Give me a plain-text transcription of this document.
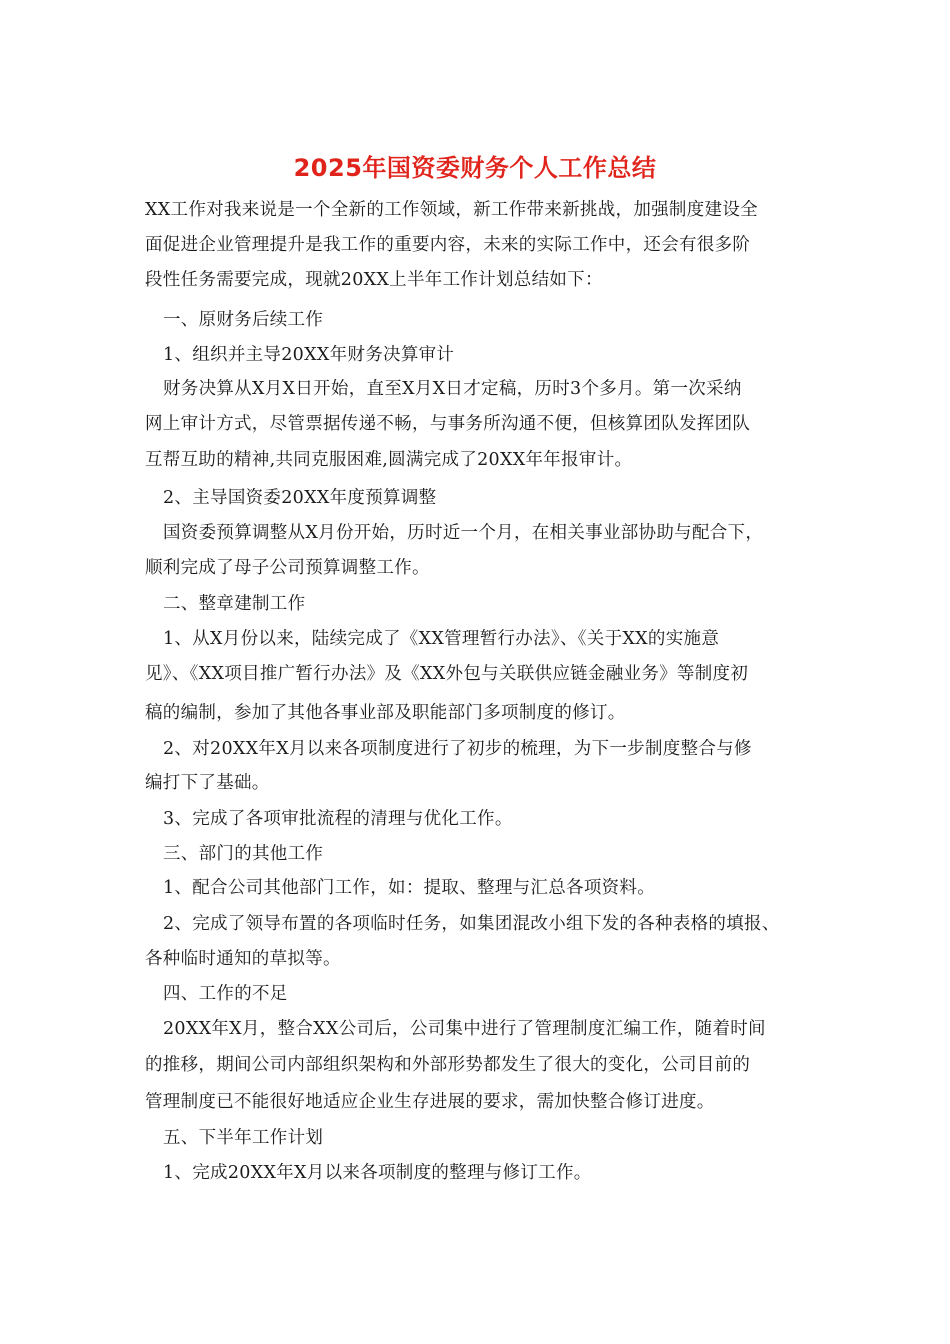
2025年国资委财务个人工作总结
XX工作对我来说是一个全新的工作领域，新工作带来新挑战，加强制度建设全
面促进企业管理提升是我工作的重要内容，未来的实际工作中，还会有很多阶
段性任务需要完成，现就20XX上半年工作计划总结如下：
一、原财务后续工作
1、组织并主导20XX年财务决算审计
财务决算从X月X日开始，直至X月X日才定稿，历时3个多月。第一次采纳
网上审计方式，尽管票据传递不畅，与事务所沟通不便，但核算团队发挥团队
互帮互助的精神,共同克服困难,圆满完成了20XX年年报审计。
2、主导国资委20XX年度预算调整
国资委预算调整从X月份开始，历时近一个月，在相关事业部协助与配合下，
顺利完成了母子公司预算调整工作。
二、整章建制工作
1、从X月份以来，陆续完成了《XX管理暂行办法》、《关于XX的实施意
见》、《XX项目推广暂行办法》及《XX外包与关联供应链金融业务》等制度初
稿的编制，参加了其他各事业部及职能部门多项制度的修订。
2、对20XX年X月以来各项制度进行了初步的梳理，为下一步制度整合与修
编打下了基础。
3、完成了各项审批流程的清理与优化工作。
三、部门的其他工作
1、配合公司其他部门工作，如：提取、整理与汇总各项资料。
2、完成了领导布置的各项临时任务，如集团混改小组下发的各种表格的填报、
各种临时通知的草拟等。
四、工作的不足
20XX年X月，整合XX公司后，公司集中进行了管理制度汇编工作，随着时间
的推移，期间公司内部组织架构和外部形势都发生了很大的变化，公司目前的
管理制度已不能很好地适应企业生存进展的要求，需加快整合修订进度。
五、下半年工作计划
1、完成20XX年X月以来各项制度的整理与修订工作。
